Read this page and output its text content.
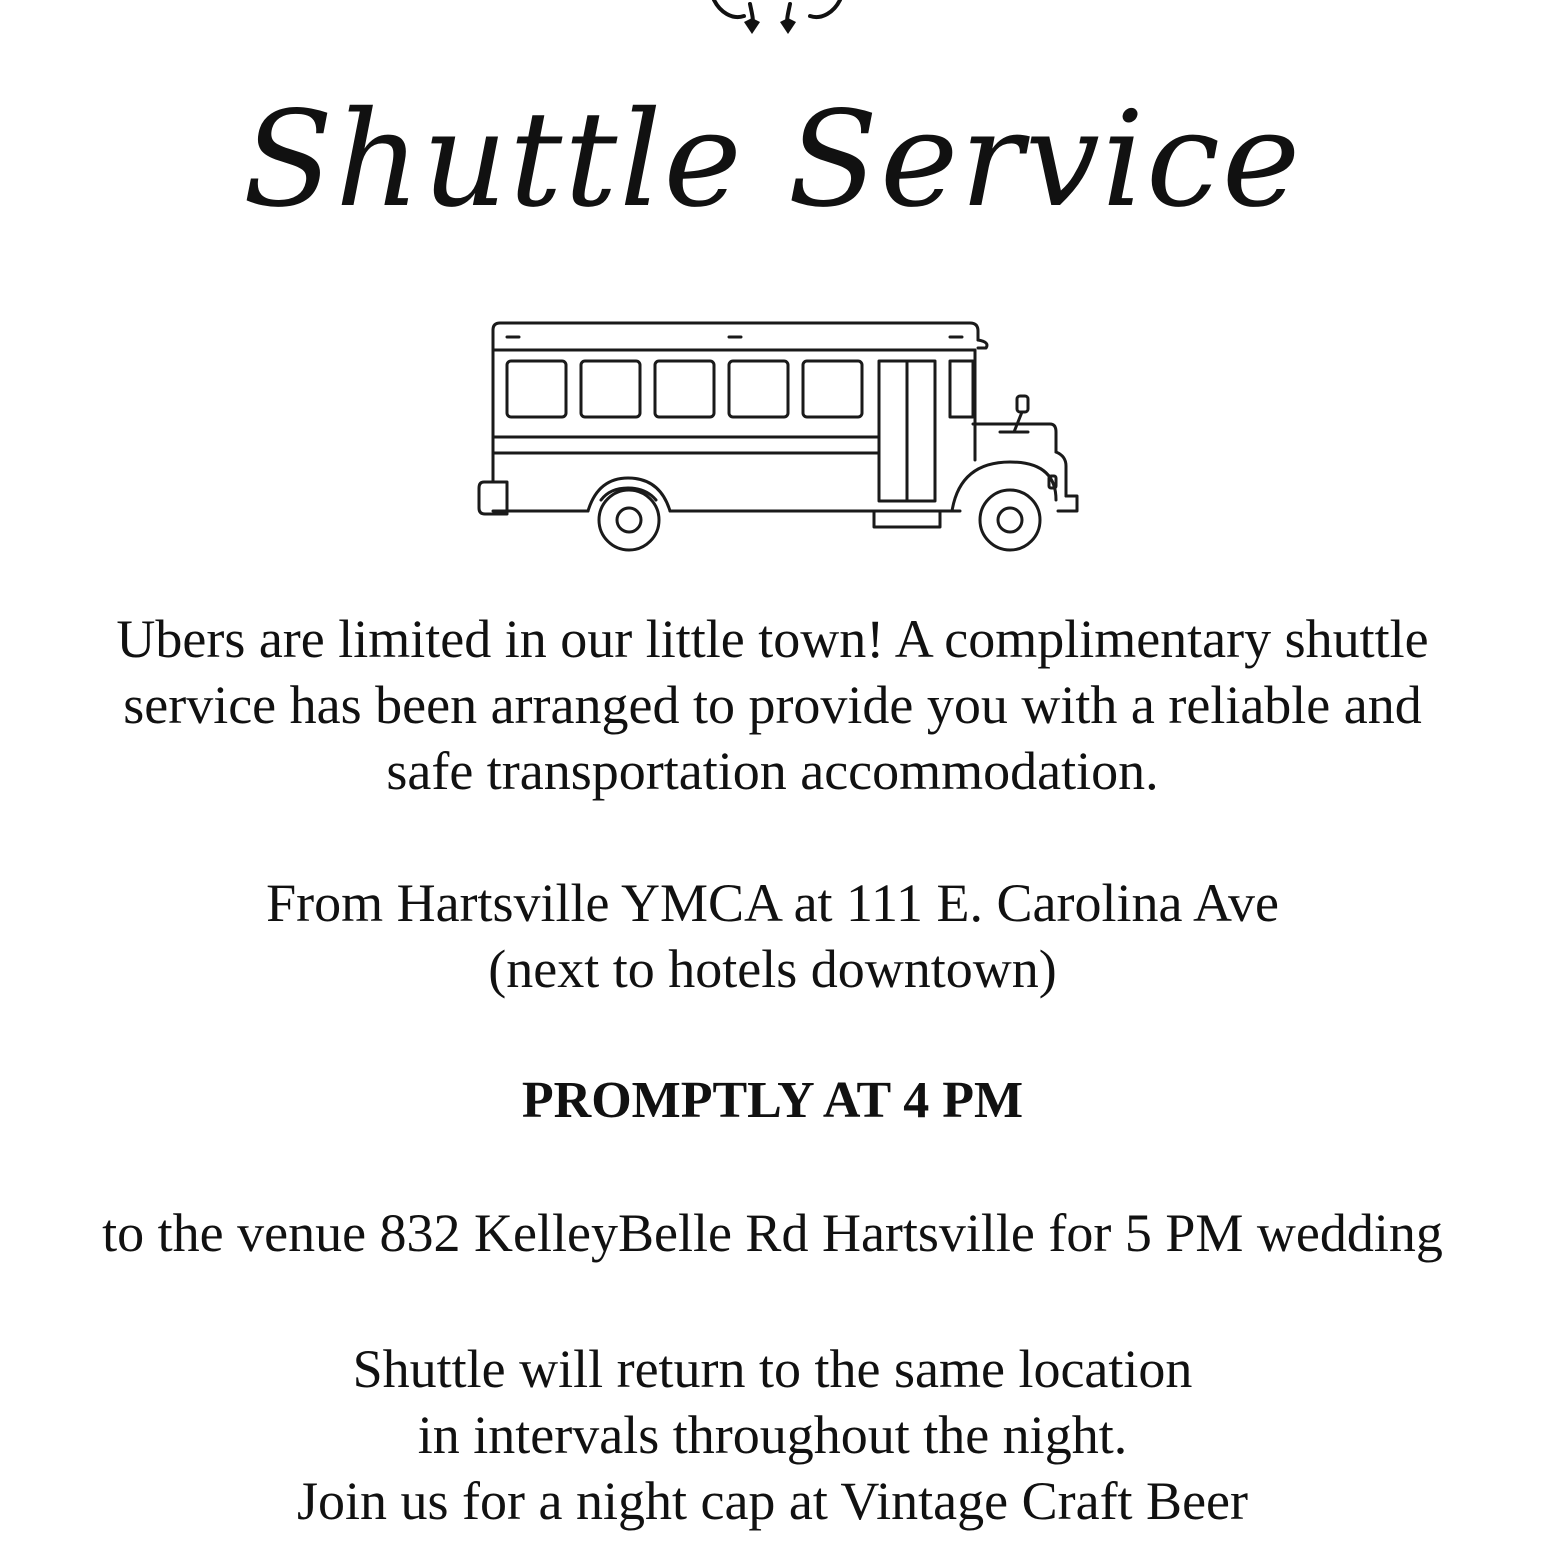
Shuttle Service

Ubers are limited in our little town! A complimentary shuttle
service has been arranged to provide you with a reliable and
safe transportation accommodation.

From Hartsville YMCA at 111 E. Carolina Ave
(next to hotels downtown)

PROMPTLY AT 4 PM

to the venue 832 KelleyBelle Rd Hartsville for 5 PM wedding

Shuttle will return to the same location
in intervals throughout the night.
Join us for a night cap at Vintage Craft Beer
